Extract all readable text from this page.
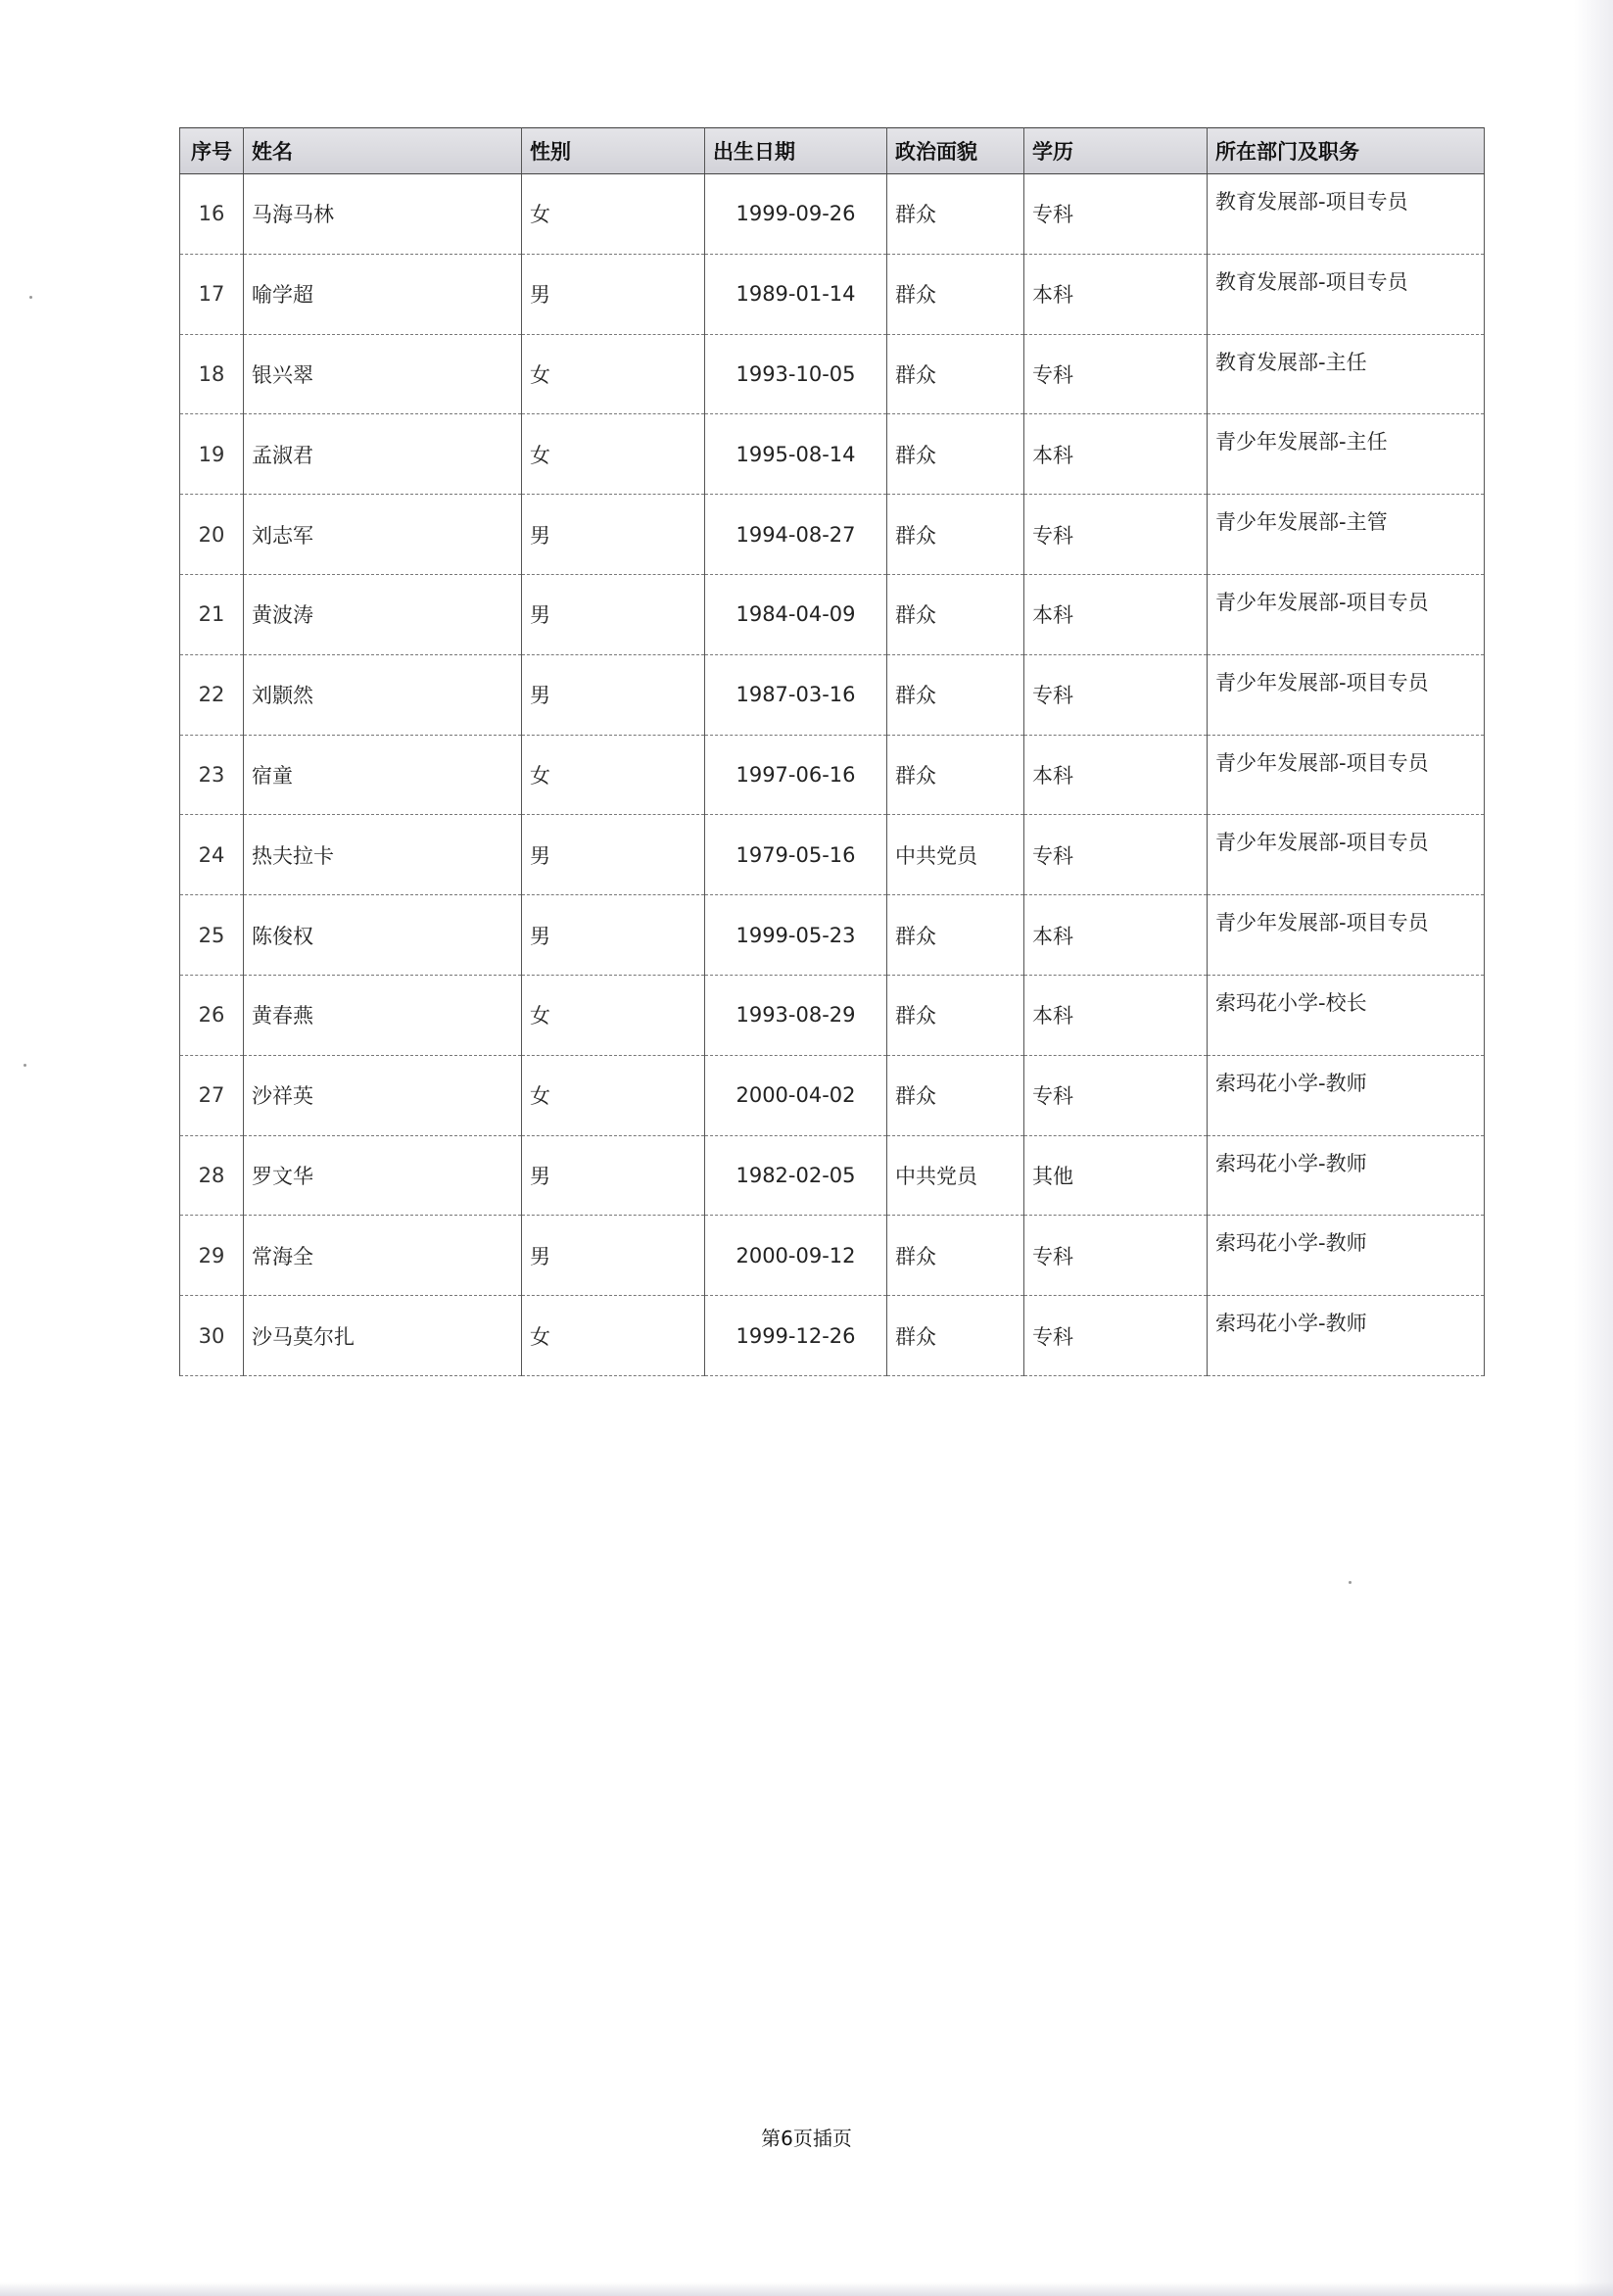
序号	姓名	性别	出生日期	政治面貌	学历	所在部门及职务
16	马海马林	女	1999-09-26	群众	专科	教育发展部-项目专员
17	喻学超	男	1989-01-14	群众	本科	教育发展部-项目专员
18	银兴翠	女	1993-10-05	群众	专科	教育发展部-主任
19	孟淑君	女	1995-08-14	群众	本科	青少年发展部-主任
20	刘志军	男	1994-08-27	群众	专科	青少年发展部-主管
21	黄波涛	男	1984-04-09	群众	本科	青少年发展部-项目专员
22	刘颢然	男	1987-03-16	群众	专科	青少年发展部-项目专员
23	宿童	女	1997-06-16	群众	本科	青少年发展部-项目专员
24	热夫拉卡	男	1979-05-16	中共党员	专科	青少年发展部-项目专员
25	陈俊权	男	1999-05-23	群众	本科	青少年发展部-项目专员
26	黄春燕	女	1993-08-29	群众	本科	索玛花小学-校长
27	沙祥英	女	2000-04-02	群众	专科	索玛花小学-教师
28	罗文华	男	1982-02-05	中共党员	其他	索玛花小学-教师
29	常海全	男	2000-09-12	群众	专科	索玛花小学-教师
30	沙马莫尔扎	女	1999-12-26	群众	专科	索玛花小学-教师
第6页插页
